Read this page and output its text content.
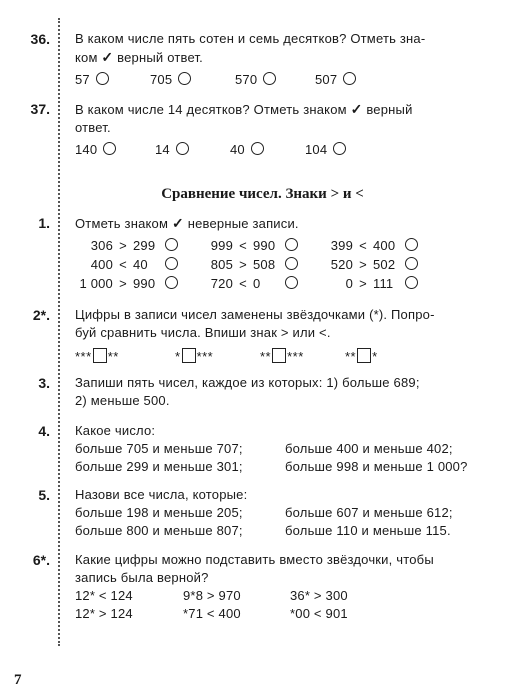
36. В каком числе пять сотен и семь десятков? Отметь зна-
ком ✓ верный ответ.
57	705	570	507
37. В каком числе 14 десятков? Отметь знаком ✓ верный
ответ.
140	14	40	104
Сравнение чисел. Знаки > и <
1. Отметь знаком ✓ неверные записи.
306 > 299	999 < 990	399 < 400
400 < 40	805 > 508	520 > 502
1 000 > 990	720 < 0	0 > 111
2*. Цифры в записи чисел заменены звёздочками (*). Попро-
буй сравнить числа. Впиши знак > или <.
*** **	* ***	** ***	** *
3. Запиши пять чисел, каждое из которых: 1) больше 689;
2) меньше 500.
4. Какое число:
больше 705 и меньше 707;	больше 400 и меньше 402;
больше 299 и меньше 301;	больше 998 и меньше 1 000?
5. Назови все числа, которые:
больше 198 и меньше 205;	больше 607 и меньше 612;
больше 800 и меньше 807;	больше 110 и меньше 115.
6*. Какие цифры можно подставить вместо звёздочки, чтобы
запись была верной?
12* < 124	9*8 > 970	36* > 300
12* > 124	*71 < 400	*00 < 901
7
